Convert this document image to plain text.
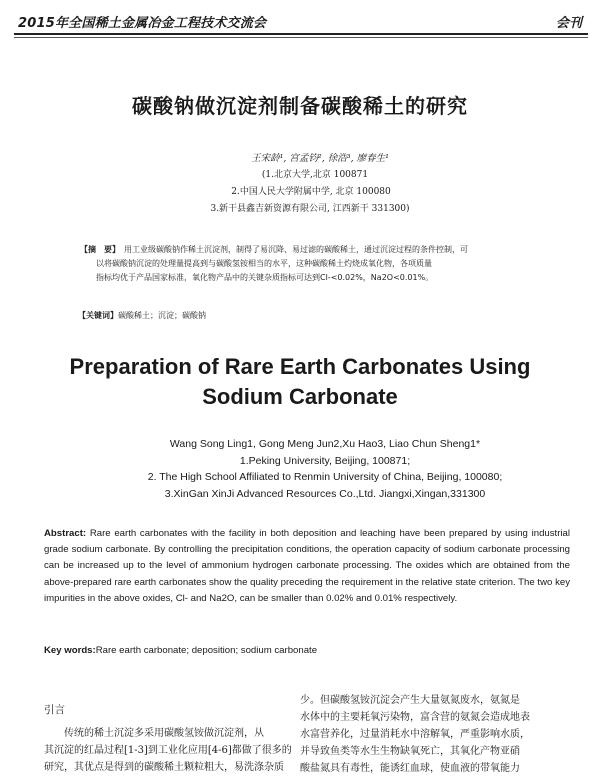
2015年全国稀土金属冶金工程技术交流会	会刊
碳酸钠做沉淀剂制备碳酸稀土的研究
王宋龄¹, 宫孟钧², 徐浩³, 廖春生¹
(1.北京大学,北京 100871
2.中国人民大学附属中学, 北京 100080
3.新干县鑫吉新资源有限公司, 江西新干 331300)
【摘　要】 用工业级碳酸钠作稀土沉淀剂，制得了易沉降、易过滤的碳酸稀土，通过沉淀过程的条件控制，可
以将碳酸钠沉淀的处理量提高到与碳酸氢铵相当的水平，这种碳酸稀土灼烧成氧化物，各项质量
指标均优于产品国家标准，氧化物产品中的关键杂质指标可达到Cl-<0.02%，Na2O<0.01%。
【关键词】碳酸稀土；沉淀；碳酸钠
Preparation of Rare Earth Carbonates Using
Sodium Carbonate
Wang Song Ling1, Gong Meng Jun2,Xu Hao3, Liao Chun Sheng1*
1.Peking University, Beijing, 100871;
2. The High School Affiliated to Renmin University of China, Beijing, 100080;
3.XinGan XinJi Advanced Resources Co.,Ltd. Jiangxi,Xingan,331300

Abstract: Rare earth carbonates with the facility in both deposition and leaching have been prepared by using industrial grade sodium carbonate. By controlling the precipitation conditions, the operation capacity of sodium carbonate processing can be increased up to the level of ammonium hydrogen carbonate processing. The oxides which are obtained from the above-prepared rare earth carbonates show the quality preceding the requirement in the relative state criterion. The two key impurities in the above oxides, Cl- and Na2O, can be smaller than 0.02% and 0.01% respectively.

Key words:Rare earth carbonate; deposition; sodium carbonate
引言
传统的稀土沉淀多采用碳酸氢铵做沉淀剂，从
其沉淀的红晶过程[1-3]到工业化应用[4-6]都做了很多的
研究，其优点是得到的碳酸稀土颗粒粗大，易洗涤杂质
少。但碳酸氢铵沉淀会产生大量氨氮废水，氨氮是
水体中的主要耗氧污染物，富含营的氨氮会造成地表
水富营养化，过量消耗水中溶解氧，严重影响水质，
并导致鱼类等水生生物缺氧死亡，其氧化产物亚硝
酸盐氮具有毒性，能诱红血球，使血液的带氧能力
